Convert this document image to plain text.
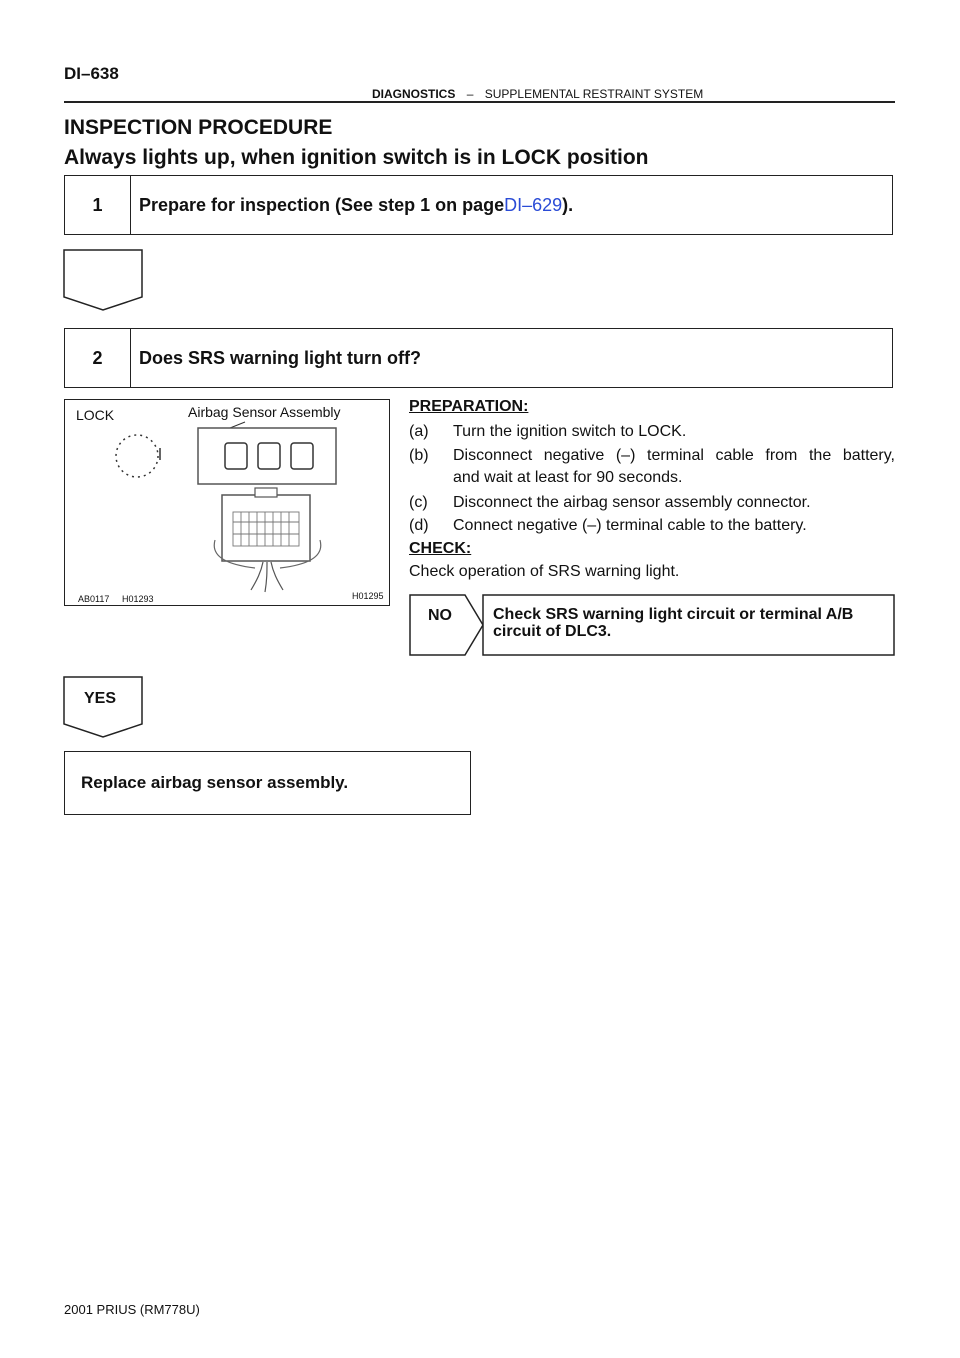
DI–638
DIAGNOSTICS – SUPPLEMENTAL RESTRAINT SYSTEM
INSPECTION PROCEDURE
Always lights up, when ignition switch is in LOCK position
1	Prepare for inspection (See step 1 on page DI–629 ).
2	Does SRS warning light turn off?
LOCK	Airbag Sensor Assembly
AB0117 H01293	H01295
PREPARATION:
(a) Turn the ignition switch to LOCK.
(b) Disconnect negative (–) terminal cable from the battery,
and wait at least for 90 seconds.
(c) Disconnect the airbag sensor assembly connector.
(d) Connect negative (–) terminal cable to the battery.
CHECK:
Check operation of SRS warning light.
NO	Check SRS warning light circuit or terminal A/B
circuit of DLC3.
YES
Replace airbag sensor assembly.
2001 PRIUS (RM778U)
